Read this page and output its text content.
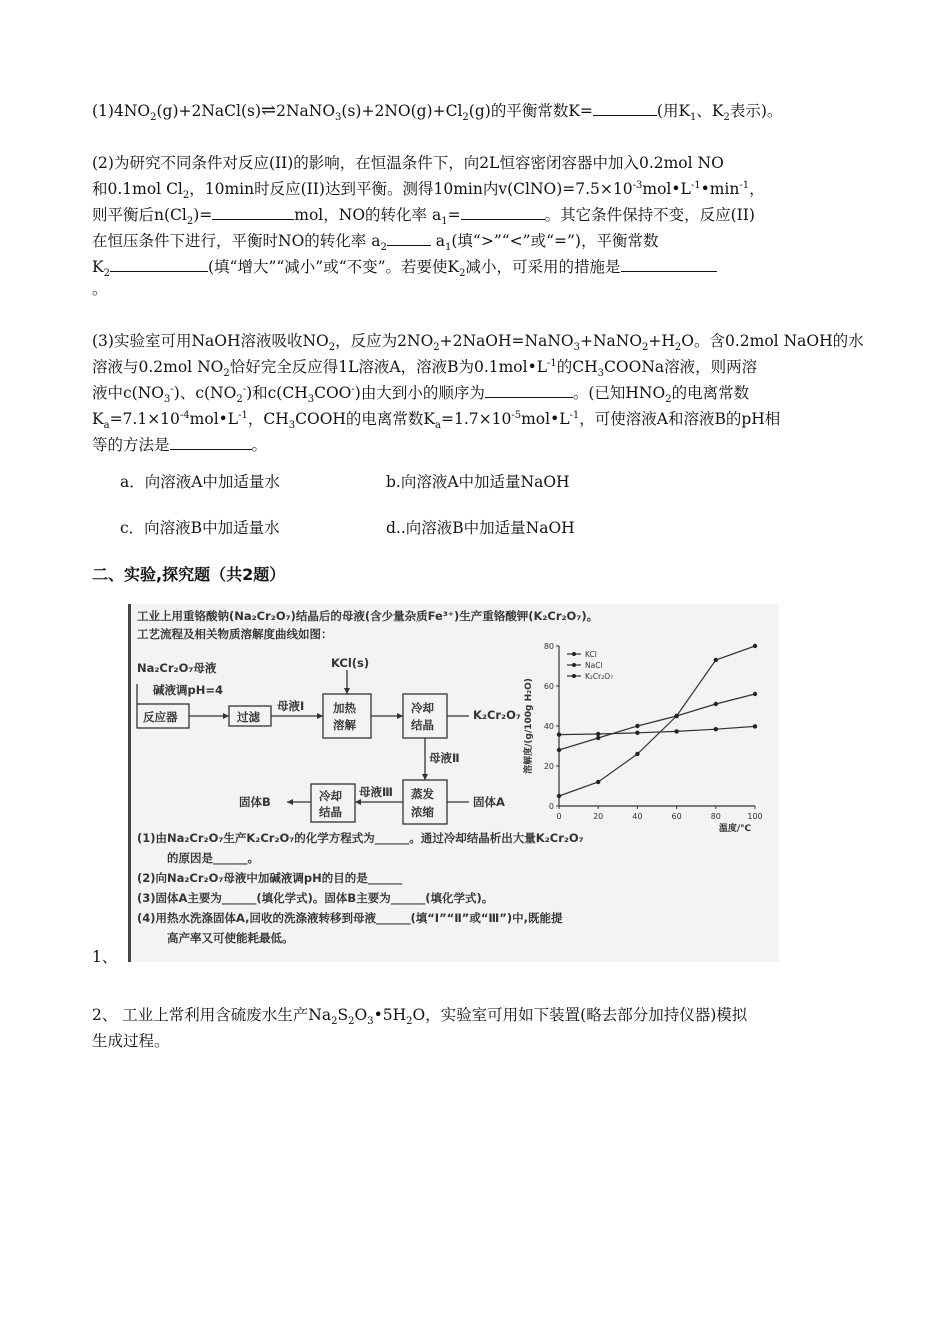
$(1)4NO_2(g)+2NaCl(s)\rightleftharpoons 2NaNO_3(s)+2NO(g)+Cl_2(g)$的平衡常数K=	(用$K_1$、$K_2$表示)。
(2)为研究不同条件对反应(II)的影响，在恒温条件下，向2L恒容密闭容器中加入0.2mol NO
和0.1mol $Cl_2$，10min时反应(II)达到平衡。测得10min内$v(ClNO)=7.5\times 10^{-3}mol•L^{-1}•\min^{-1}$，
则平衡后$n(Cl_2)=$	mol，NO的转化率 $a_1=$	。其它条件保持不变，反应(II)
在恒压条件下进行，平衡时NO的转化率 $a_2$	$a_1$(填“>”“<”或“=”)，平衡常数
$K_2$	(填“增大”“减小”或“不变”。若要使$K_2$减小，可采用的措施是
。
(3)实验室可用NaOH溶液吸收$NO_2$，反应为$2NO_2+2NaOH=NaNO_3+NaNO_2+H_2O$。含0.2mol NaOH的水
溶液与0.2mol $NO_2$恰好完全反应得1L溶液A，溶液B为$0.1mol•L^{-1}$的$CH_3COONa$溶液，则两溶
液中$c(NO_3^-)$、$c(NO_2^-)$和$c(CH_3COO^-)$由大到小的顺序为	。(已知$HNO_2$的电离常数
$K_a=7.1\times 10^{-4}mol•L^{-1}$，$CH_3COOH$的电离常数$K_a=1.7\times 10^{-5}mol•L^{-1}$，可使溶液A和溶液B的pH相
等的方法是	。
a．向溶液A中加适量水	b.向溶液A中加适量NaOH
c．向溶液B中加适量水	d..向溶液B中加适量NaOH
二、实验,探究题（共2题）
工业上用重铬酸钠(Na₂Cr₂O₇)结晶后的母液(含少量杂质Fe³⁺)生产重铬酸钾(K₂Cr₂O₇)。
工艺流程及相关物质溶解度曲线如图：
Na₂Cr₂O₇母液
碱液调pH=4
KCl(s)
反应器	过滤
母液Ⅰ 加热
溶解
冷却
结晶
K₂Cr₂O₇
母液Ⅱ
蒸发
浓缩
固体A
母液Ⅲ
冷却
结晶
固体B
0	20	40	60	80	100
0
20
40
60
80
温度/℃
溶解度/(g/100g H₂O)
KCl
NaCl
K₂Cr₂O₇
(1)由Na₂Cr₂O₇生产K₂Cr₂O₇的化学方程式为______。通过冷却结晶析出大量K₂Cr₂O₇
的原因是______。
(2)向Na₂Cr₂O₇母液中加碱液调pH的目的是______
(3)固体A主要为______(填化学式)。固体B主要为______(填化学式)。
(4)用热水洗涤固体A,回收的洗涤液转移到母液______(填“Ⅰ”“Ⅱ”或“Ⅲ”)中,既能提
高产率又可使能耗最低。
1、
2、 工业上常利用含硫废水生产$Na_2S_2O_3•5H_2O$，实验室可用如下装置(略去部分加持仪器)模拟
生成过程。
